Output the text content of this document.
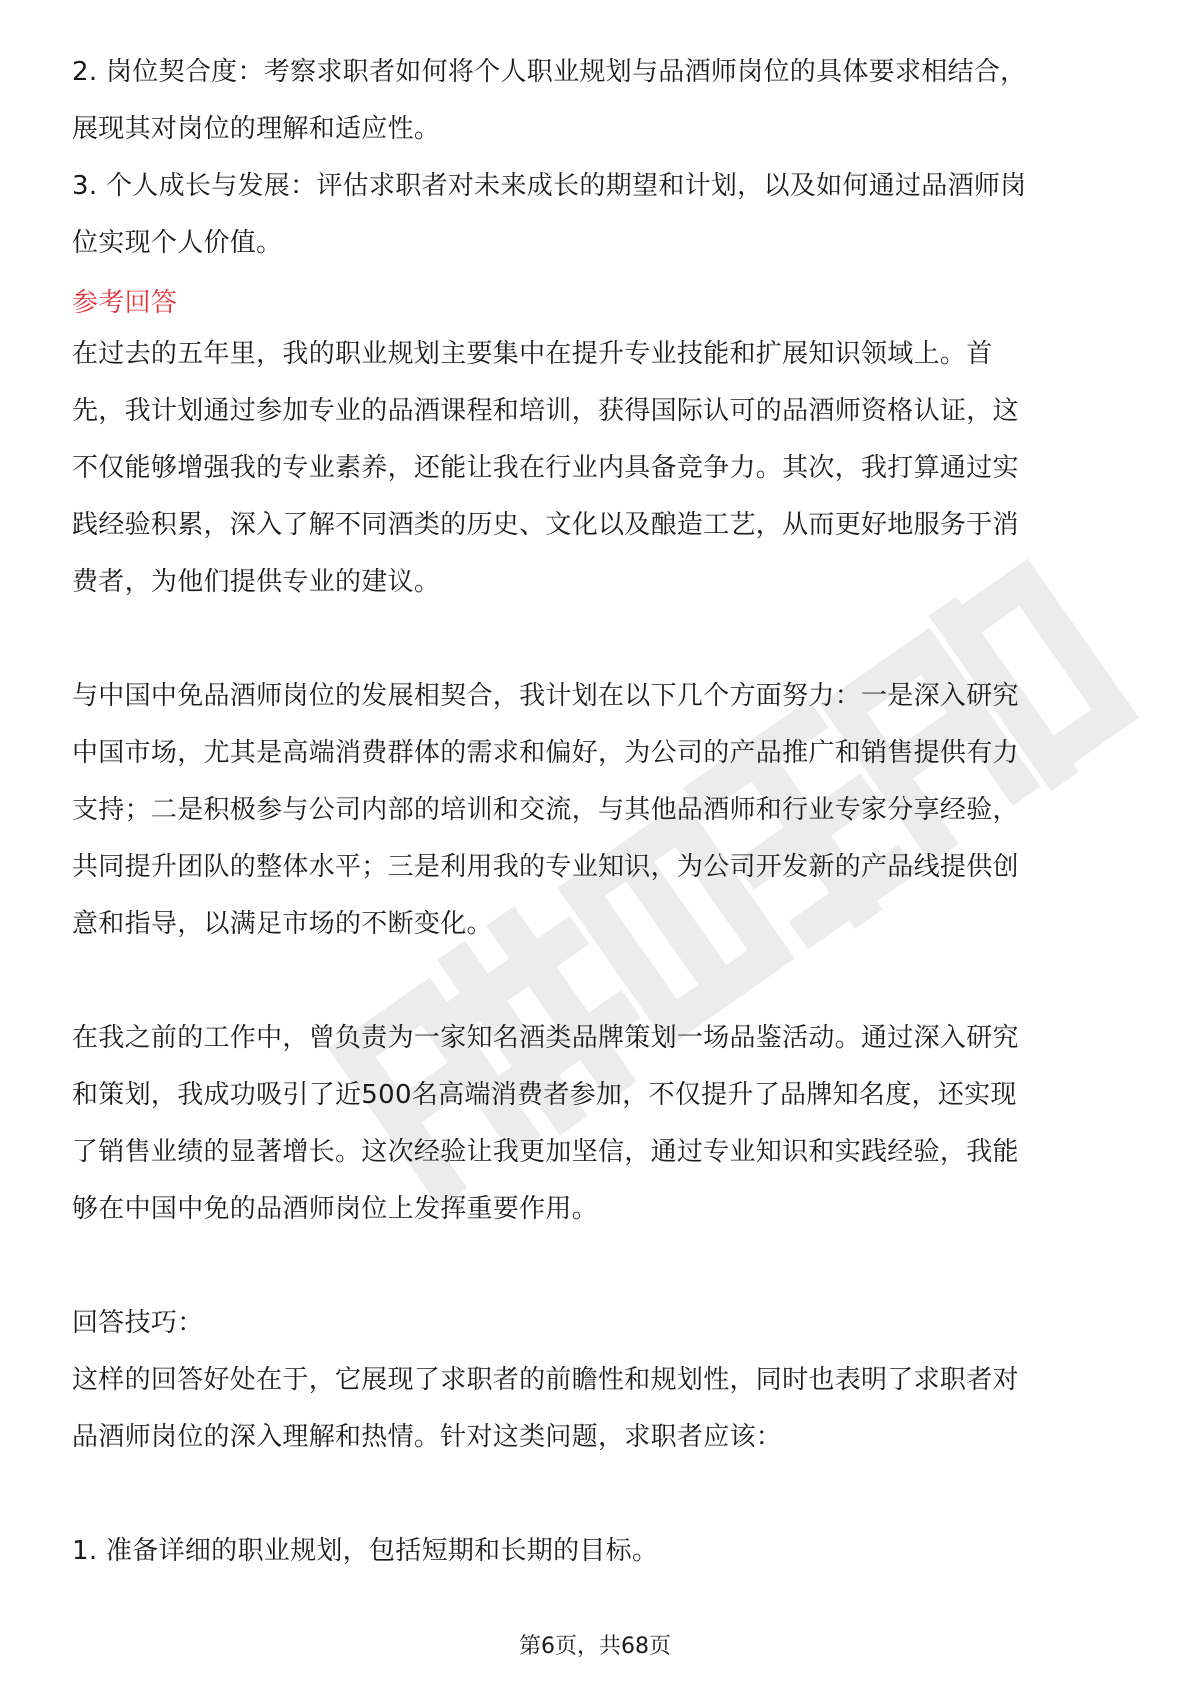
2. 岗位契合度：考察求职者如何将个人职业规划与品酒师岗位的具体要求相结合，

展现其对岗位的理解和适应性。

3. 个人成长与发展：评估求职者对未来成长的期望和计划，以及如何通过品酒师岗

位实现个人价值。

参考回答

在过去的五年里，我的职业规划主要集中在提升专业技能和扩展知识领域上。首

先，我计划通过参加专业的品酒课程和培训，获得国际认可的品酒师资格认证，这

不仅能够增强我的专业素养，还能让我在行业内具备竞争力。其次，我打算通过实

践经验积累，深入了解不同酒类的历史、文化以及酿造工艺，从而更好地服务于消

费者，为他们提供专业的建议。

与中国中免品酒师岗位的发展相契合，我计划在以下几个方面努力：一是深入研究

中国市场，尤其是高端消费群体的需求和偏好，为公司的产品推广和销售提供有力

支持；二是积极参与公司内部的培训和交流，与其他品酒师和行业专家分享经验，

共同提升团队的整体水平；三是利用我的专业知识，为公司开发新的产品线提供创

意和指导，以满足市场的不断变化。

在我之前的工作中，曾负责为一家知名酒类品牌策划一场品鉴活动。通过深入研究

和策划，我成功吸引了近500名高端消费者参加，不仅提升了品牌知名度，还实现

了销售业绩的显著增长。这次经验让我更加坚信，通过专业知识和实践经验，我能

够在中国中免的品酒师岗位上发挥重要作用。

回答技巧：

这样的回答好处在于，它展现了求职者的前瞻性和规划性，同时也表明了求职者对

品酒师岗位的深入理解和热情。针对这类问题，求职者应该：

1. 准备详细的职业规划，包括短期和长期的目标。

第6页，共68页
